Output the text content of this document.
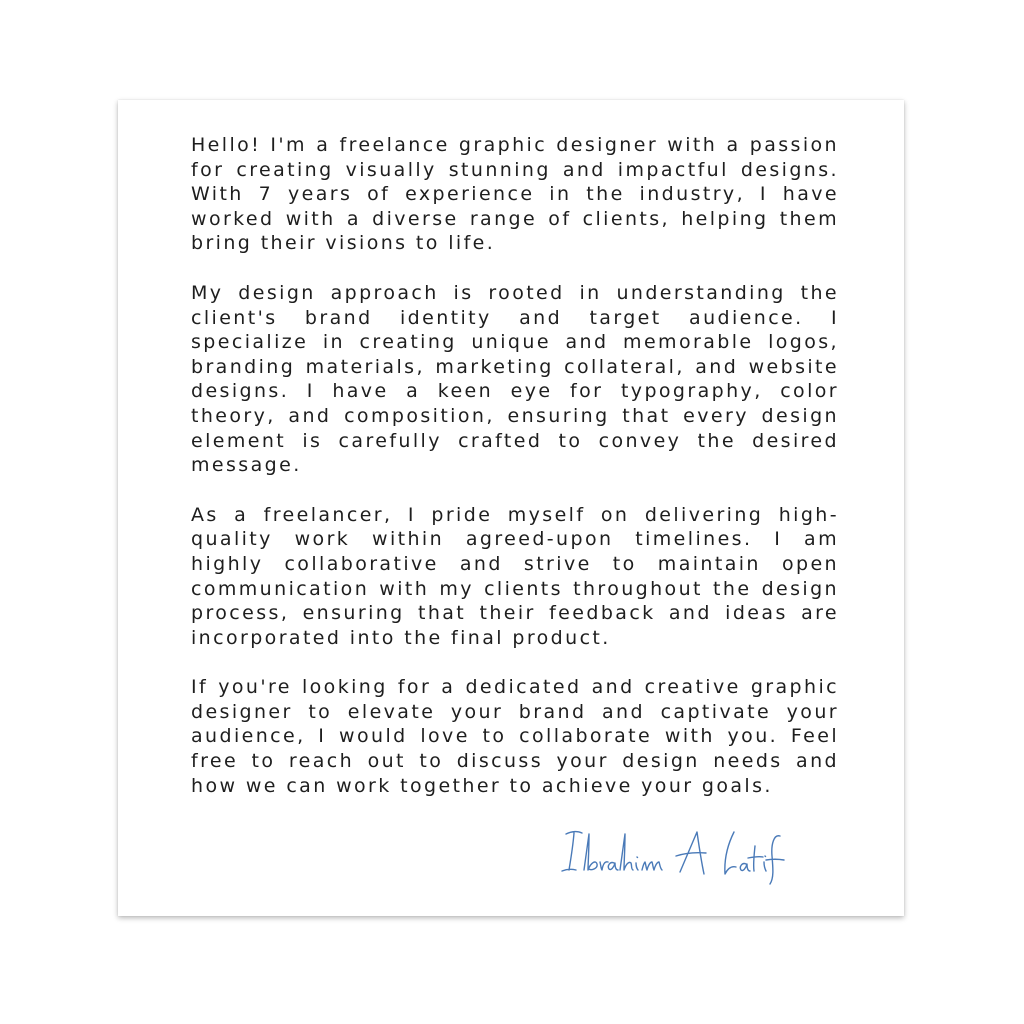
Hello! I'm a freelance graphic designer with a passion for creating visually stunning and impactful designs. With 7 years of experience in the industry, I have worked with a diverse range of clients, helping them bring their visions to life.

My design approach is rooted in understanding the client's brand identity and target audience. I specialize in creating unique and memorable logos, branding materials, marketing collateral, and website designs. I have a keen eye for typography, color theory, and composition, ensuring that every design element is carefully crafted to convey the desired message.

As a freelancer, I pride myself on delivering high-quality work within agreed-upon timelines. I am highly collaborative and strive to maintain open communication with my clients throughout the design process, ensuring that their feedback and ideas are incorporated into the final product.

If you're looking for a dedicated and creative graphic designer to elevate your brand and captivate your audience, I would love to collaborate with you. Feel free to reach out to discuss your design needs and how we can work together to achieve your goals.
